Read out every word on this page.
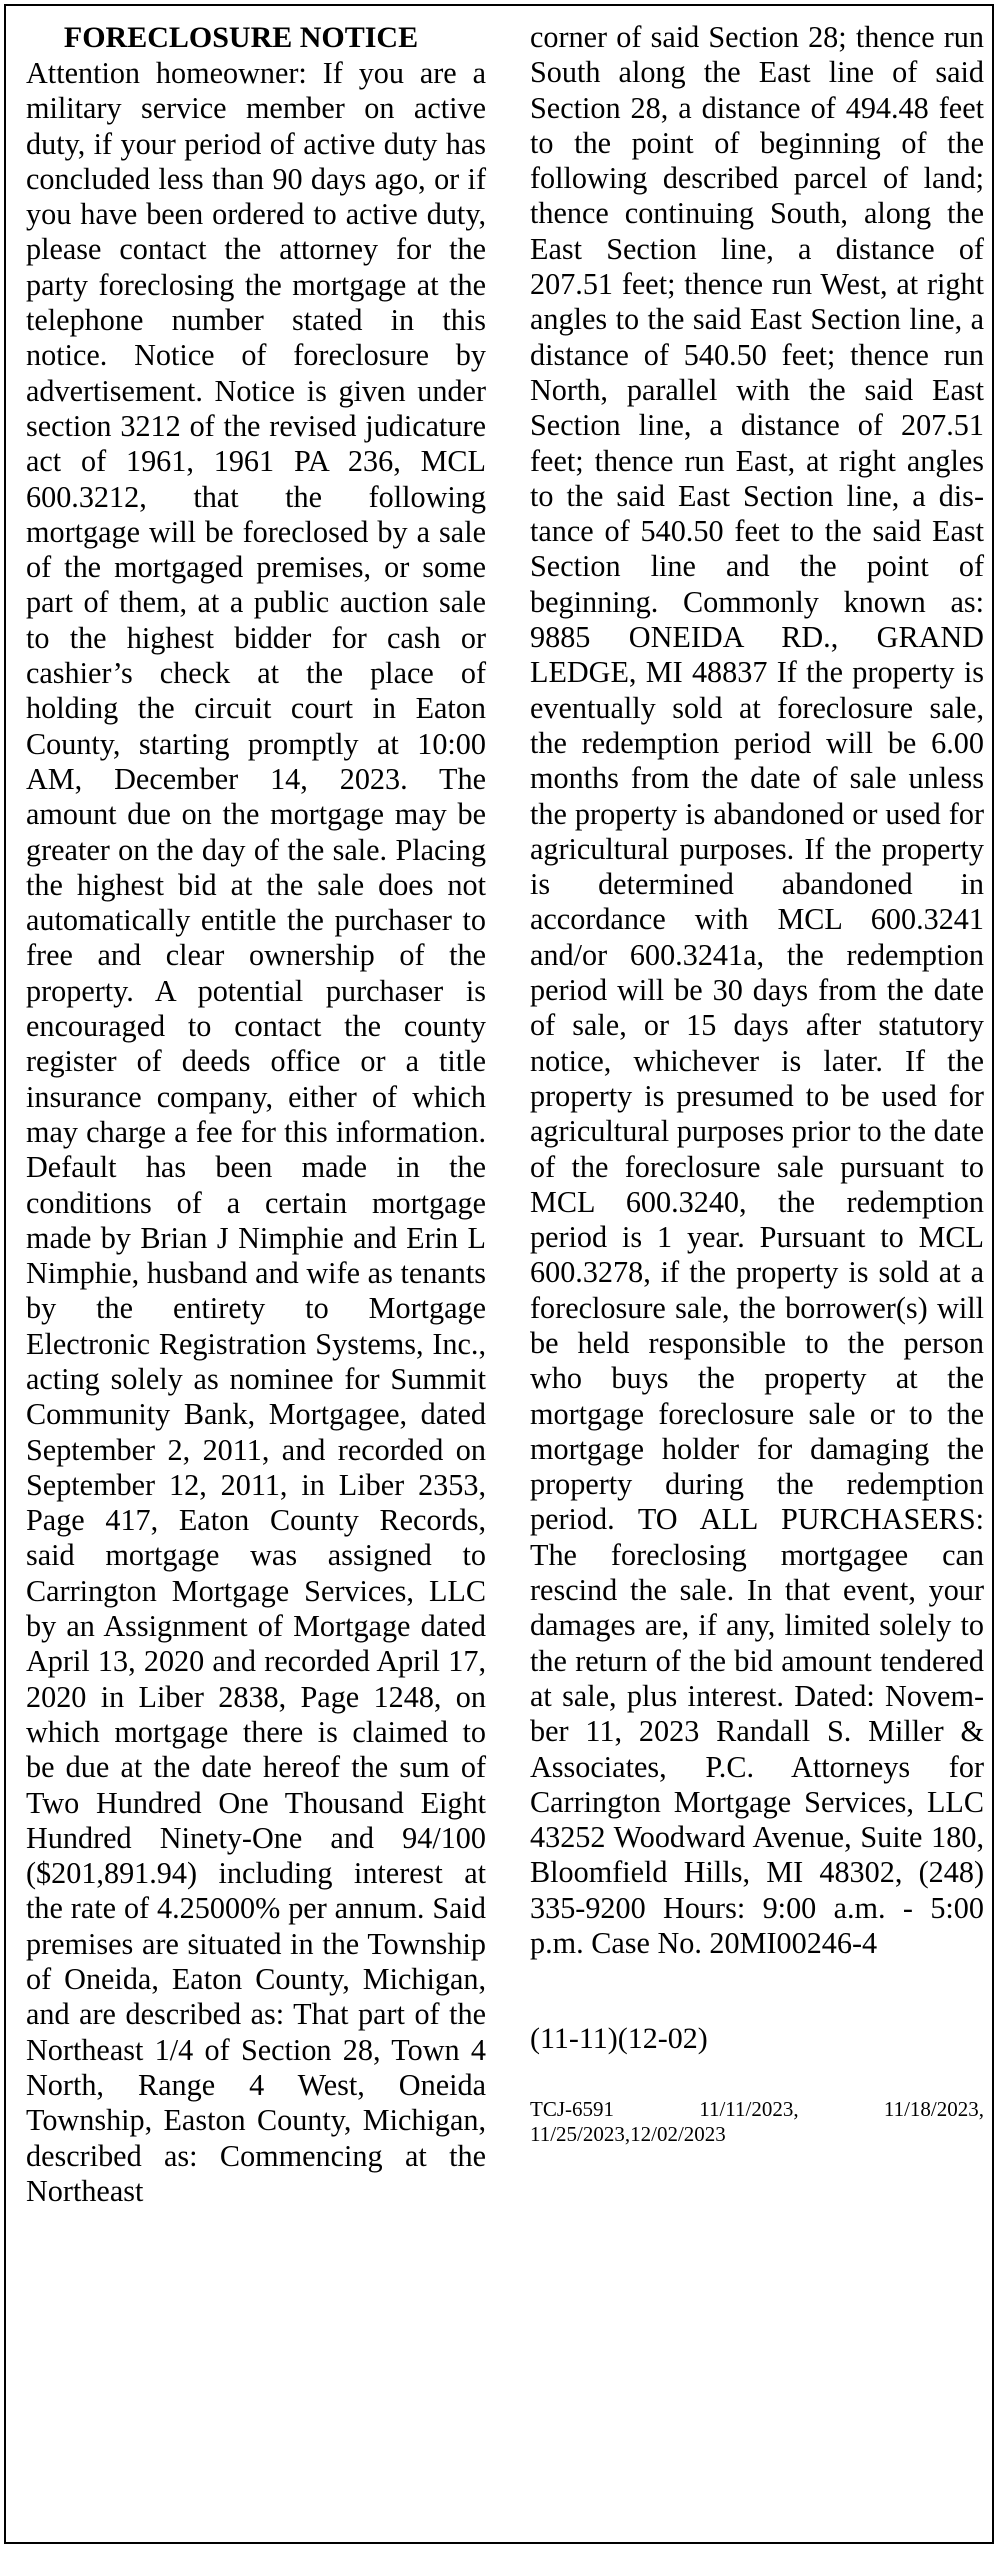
FORECLOSURE NOTICE

Attention homeowner: If you are a military service member on active duty, if your period of active duty has concluded less than 90 days ago, or if you have been ordered to active duty, please contact the attorney for the party foreclosing the mortgage at the telephone number stated in this notice. Notice of foreclosure by advertisement. Notice is given under section 3212 of the revised judicature act of 1961, 1961 PA 236, MCL 600.3212, that the following mortgage will be foreclosed by a sale of the mortgaged premises, or some part of them, at a public auction sale to the highest bidder for cash or cashier’s check at the place of holding the circuit court in Eaton County, starting promptly at 10:00 AM, December 14, 2023. The amount due on the mortgage may be greater on the day of the sale. Placing the highest bid at the sale does not automatically entitle the purchaser to free and clear ownership of the property. A potential purchaser is encouraged to contact the county register of deeds office or a title insurance company, either of which may charge a fee for this information. Default has been made in the conditions of a certain mortgage made by Brian J Nimphie and Erin L Nimphie, husband and wife as tenants by the entirety to Mortgage Electronic Registration Systems, Inc., acting solely as nominee for Summit Community Bank, Mortgagee, dated September 2, 2011, and recorded on September 12, 2011, in Liber 2353, Page 417, Eaton County Records, said mortgage was assigned to Carrington Mortgage Services, LLC by an Assignment of Mortgage dated April 13, 2020 and recorded April 17, 2020 in Liber 2838, Page 1248, on which mortgage there is claimed to be due at the date hereof the sum of Two Hundred One Thousand Eight Hundred Ninety-One and 94/100 ($201,891.94) including interest at the rate of 4.25000% per annum. Said premises are situated in the Township of Oneida, Eaton County, Michigan, and are described as: That part of the Northeast 1/4 of Section 28, Town 4 North, Range 4 West, Oneida Township, Easton County, Michigan, described as: Commencing at the Northeast

corner of said Section 28; thence run South along the East line of said Section 28, a distance of 494.48 feet to the point of beginning of the following described parcel of land; thence continuing South, along the East Section line, a distance of 207.51 feet; thence run West, at right angles to the said East Section line, a distance of 540.50 feet; thence run North, parallel with the said East Section line, a distance of 207.51 feet; thence run East, at right angles to the said East Section line, a distance of 540.50 feet to the said East Section line and the point of beginning. Commonly known as: 9885 ONEIDA RD., GRAND LEDGE, MI 48837 If the property is eventually sold at foreclosure sale, the redemption period will be 6.00 months from the date of sale unless the property is abandoned or used for agricultural purposes. If the property is determined abandoned in accordance with MCL 600.3241 and/or 600.3241a, the redemption period will be 30 days from the date of sale, or 15 days after statutory notice, whichever is later. If the property is presumed to be used for agricultural purposes prior to the date of the foreclosure sale pursuant to MCL 600.3240, the redemption period is 1 year. Pursuant to MCL 600.3278, if the property is sold at a foreclosure sale, the borrower(s) will be held responsible to the person who buys the property at the mortgage foreclosure sale or to the mortgage holder for damaging the property during the redemption period. TO ALL PURCHASERS: The foreclosing mortgagee can rescind the sale. In that event, your damages are, if any, limited solely to the return of the bid amount tendered at sale, plus interest. Dated: November 11, 2023 Randall S. Miller & Associates, P.C. Attorneys for Carrington Mortgage Services, LLC 43252 Woodward Avenue, Suite 180, Bloomfield Hills, MI 48302, (248) 335-9200 Hours: 9:00 a.m. - 5:00 p.m. Case No. 20MI00246-4

(11-11)(12-02)

TCJ-6591 11/11/2023, 11/18/2023, 11/25/2023,12/02/2023
